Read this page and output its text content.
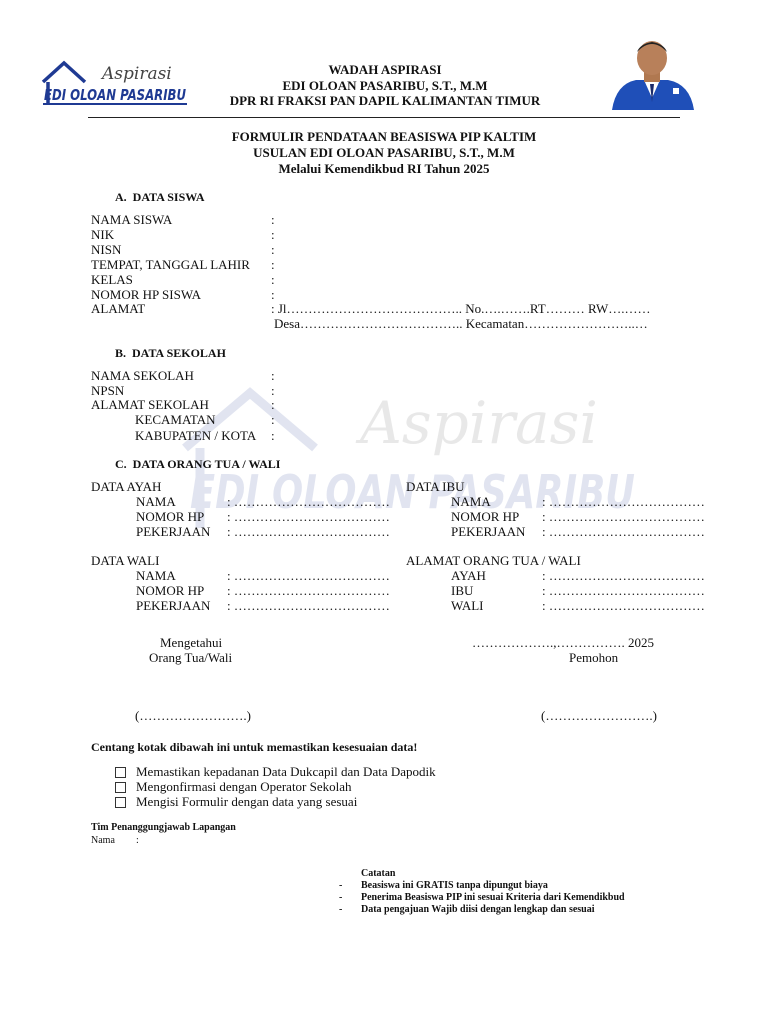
Aspirasi
EDI OLOAN PASARIBU
Aspirasi
EDI OLOAN PASARIBU
WADAH ASPIRASI
EDI OLOAN PASARIBU, S.T., M.M
DPR RI FRAKSI PAN DAPIL KALIMANTAN TIMUR
FORMULIR PENDATAAN BEASISWA PIP KALTIM
USULAN EDI OLOAN PASARIBU, S.T., M.M
Melalui Kemendikbud RI Tahun 2025
A.  DATA SISWA
NAMA SISWA
NIK
NISN
TEMPAT, TANGGAL LAHIR
KELAS
NOMOR HP SISWA
ALAMAT
:
:
:
:
:
:
: Jl………………………………….. No.….…….RT……… RW….……
Desa……………………………….. Kecamatan……………………..…
B.  DATA SEKOLAH
NAMA SEKOLAH
NPSN
ALAMAT SEKOLAH
KECAMATAN
KABUPATEN / KOTA
:
:
:
:
:
C.  DATA ORANG TUA / WALI
DATA AYAH
NAMA
NOMOR HP
PEKERJAAN
: ………………………………
: ………………………………
: ………………………………
DATA IBU
NAMA
NOMOR HP
PEKERJAAN
: ………………………………
: ………………………………
: ………………………………
DATA WALI
NAMA
NOMOR HP
PEKERJAAN
: ………………………………
: ………………………………
: ………………………………
ALAMAT ORANG TUA / WALI
AYAH
IBU
WALI
: ………………………………
: ………………………………
: ………………………………
Mengetahui
Orang Tua/Wali
……………….,……………. 2025
Pemohon
(…………………….)	(…………………….)
Centang kotak dibawah ini untuk memastikan kesesuaian data!
Memastikan kepadanan Data Dukcapil dan Data Dapodik
Mengonfirmasi dengan Operator Sekolah
Mengisi Formulir dengan data yang sesuai
Tim Penanggungjawab Lapangan
Nama :
Catatan
-
-
-
Beasiswa ini GRATIS tanpa dipungut biaya
Penerima Beasiswa PIP ini sesuai Kriteria dari Kemendikbud
Data pengajuan Wajib diisi dengan lengkap dan sesuai
